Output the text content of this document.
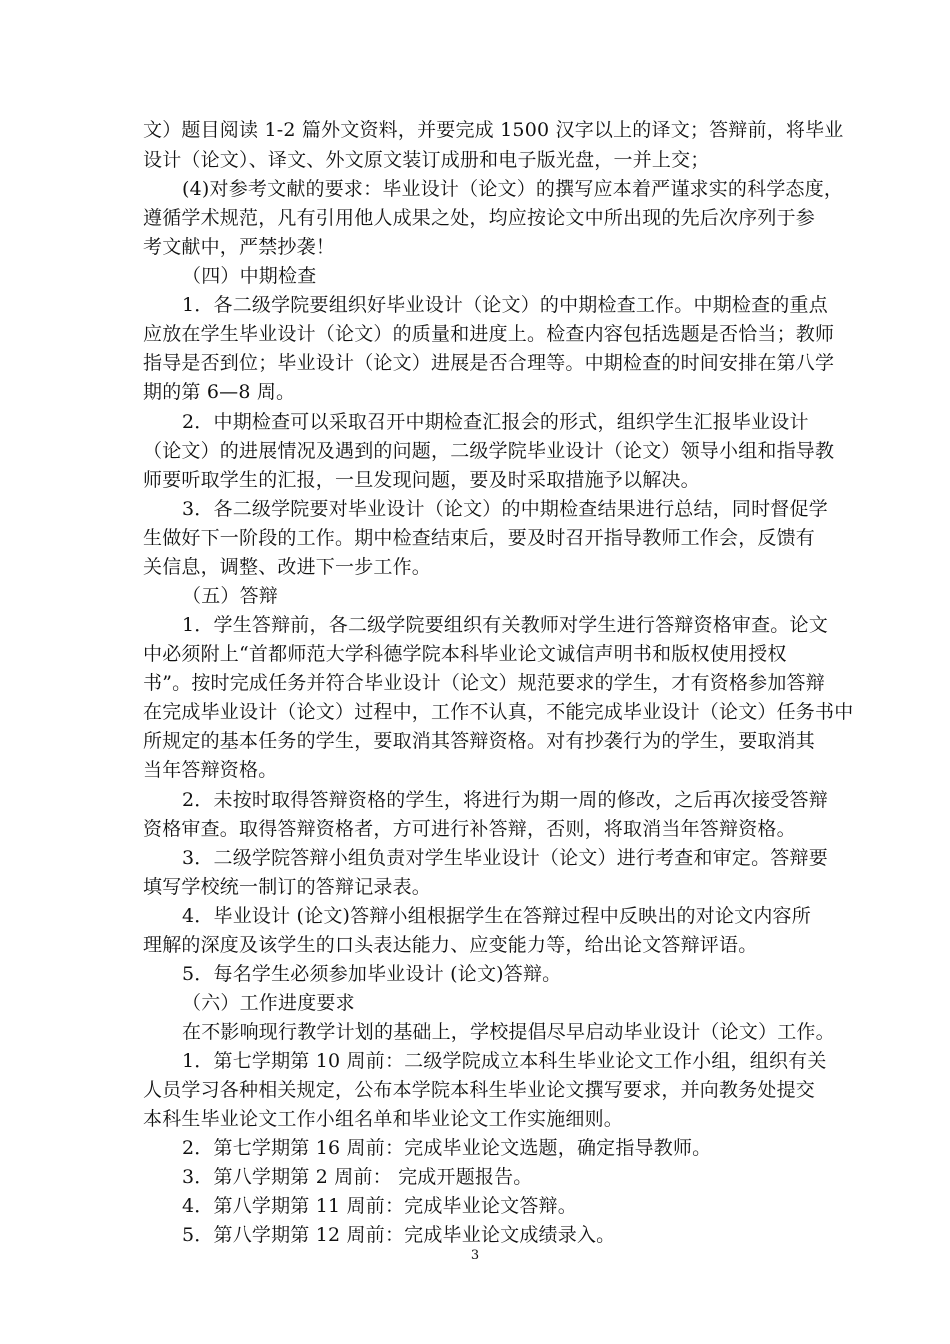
文）题目阅读 1-2 篇外文资料，并要完成 1500 汉字以上的译文；答辩前，将毕业
设计（论文）、译文、外文原文装订成册和电子版光盘，一并上交；
(4)对参考文献的要求：毕业设计（论文）的撰写应本着严谨求实的科学态度，
遵循学术规范，凡有引用他人成果之处，均应按论文中所出现的先后次序列于参
考文献中，严禁抄袭！
（四）中期检查
1．各二级学院要组织好毕业设计（论文）的中期检查工作。中期检查的重点
应放在学生毕业设计（论文）的质量和进度上。检查内容包括选题是否恰当；教师
指导是否到位；毕业设计（论文）进展是否合理等。中期检查的时间安排在第八学
期的第 6—8 周。
2．中期检查可以采取召开中期检查汇报会的形式，组织学生汇报毕业设计
（论文）的进展情况及遇到的问题，二级学院毕业设计（论文）领导小组和指导教
师要听取学生的汇报，一旦发现问题，要及时采取措施予以解决。
3．各二级学院要对毕业设计（论文）的中期检查结果进行总结，同时督促学
生做好下一阶段的工作。期中检查结束后，要及时召开指导教师工作会，反馈有
关信息，调整、改进下一步工作。
（五）答辩
1．学生答辩前，各二级学院要组织有关教师对学生进行答辩资格审查。论文
中必须附上“首都师范大学科德学院本科毕业论文诚信声明书和版权使用授权
书”。按时完成任务并符合毕业设计（论文）规范要求的学生，才有资格参加答辩
在完成毕业设计（论文）过程中，工作不认真，不能完成毕业设计（论文）任务书中
所规定的基本任务的学生，要取消其答辩资格。对有抄袭行为的学生，要取消其
当年答辩资格。
2．未按时取得答辩资格的学生，将进行为期一周的修改，之后再次接受答辩
资格审查。取得答辩资格者，方可进行补答辩，否则，将取消当年答辩资格。
3．二级学院答辩小组负责对学生毕业设计（论文）进行考查和审定。答辩要
填写学校统一制订的答辩记录表。
4．毕业设计 (论文)答辩小组根据学生在答辩过程中反映出的对论文内容所
理解的深度及该学生的口头表达能力、应变能力等，给出论文答辩评语。
5．每名学生必须参加毕业设计 (论文)答辩。
（六）工作进度要求
在不影响现行教学计划的基础上，学校提倡尽早启动毕业设计（论文）工作。
1．第七学期第 10 周前：二级学院成立本科生毕业论文工作小组，组织有关
人员学习各种相关规定，公布本学院本科生毕业论文撰写要求，并向教务处提交
本科生毕业论文工作小组名单和毕业论文工作实施细则。
2．第七学期第 16 周前：完成毕业论文选题，确定指导教师。
3．第八学期第 2 周前： 完成开题报告。
4．第八学期第 11 周前：完成毕业论文答辩。
5．第八学期第 12 周前：完成毕业论文成绩录入。
3
